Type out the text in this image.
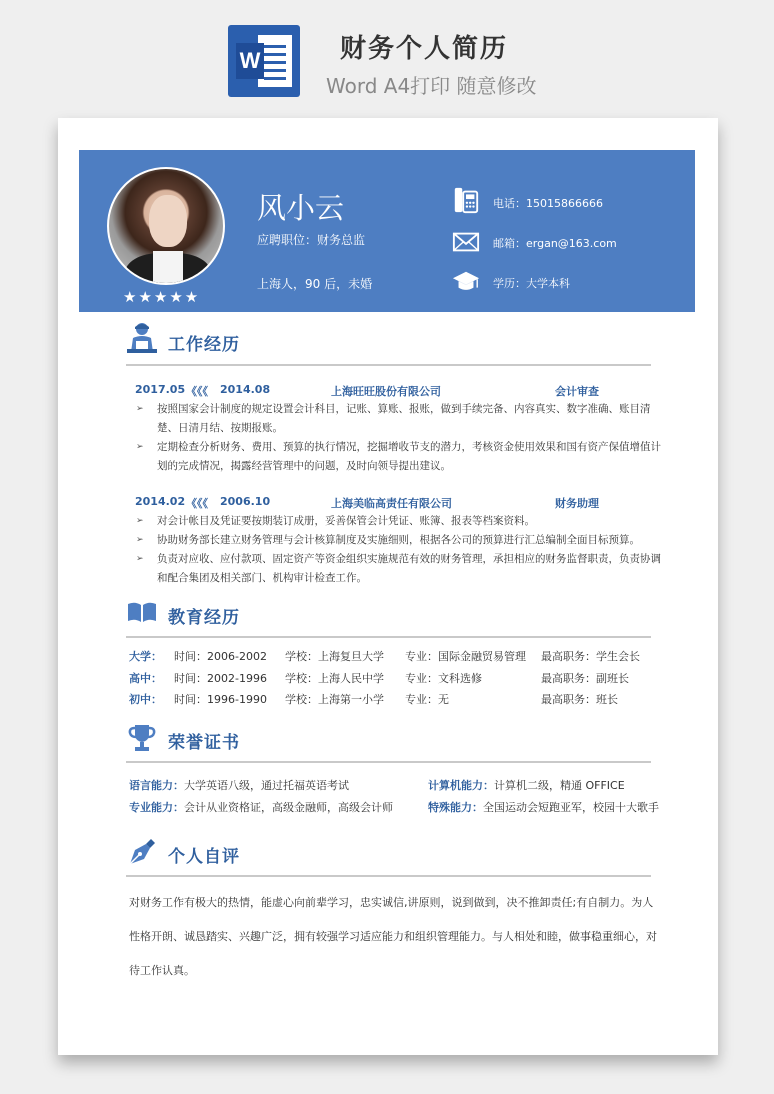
W	财务个人简历
Word A4打印 随意修改
★★★★★
风小云
应聘职位：财务总监
上海人，90 后，未婚
电话：15015866666
邮箱：ergan@163.com
学历：大学本科
工作经历
2017.05 《《《 2014.08	上海旺旺股份有限公司	会计审查
➢	按照国家会计制度的规定设置会计科目，记账、算账、报账，做到手续完备、内容真实、数字准确、账目清楚、日清月结、按期报账。
➢	定期检查分析财务、费用、预算的执行情况，挖掘增收节支的潜力，考核资金使用效果和国有资产保值增值计划的完成情况，揭露经营管理中的问题，及时向领导提出建议。
2014.02 《《《 2006.10	上海美临高责任有限公司	财务助理
➢	对会计帐目及凭证要按期装订成册，妥善保管会计凭证、账簿、报表等档案资料。
➢	协助财务部长建立财务管理与会计核算制度及实施细则，根据各公司的预算进行汇总编制全面目标预算。
➢	负责对应收、应付款项、固定资产等资金组织实施规范有效的财务管理，承担相应的财务监督职责，负责协调和配合集团及相关部门、机构审计检查工作。
教育经历
大学： 时间：2006-2002 学校：上海复旦大学 专业：国际金融贸易管理 最高职务：学生会长
高中： 时间：2002-1996 学校：上海人民中学 专业：文科选修	最高职务：副班长
初中： 时间：1996-1990 学校：上海第一小学 专业：无	最高职务：班长
荣誉证书
语言能力：大学英语八级，通过托福英语考试	计算机能力：计算机二级，精通 OFFICE
专业能力：会计从业资格证，高级金融师，高级会计师	特殊能力：全国运动会短跑亚军，校园十大歌手
个人自评
对财务工作有极大的热情，能虚心向前辈学习，忠实诚信,讲原则，说到做到，决不推卸责任;有自制力。为人性格开朗、诚恳踏实、兴趣广泛，拥有较强学习适应能力和组织管理能力。与人相处和睦，做事稳重细心，对待工作认真。
